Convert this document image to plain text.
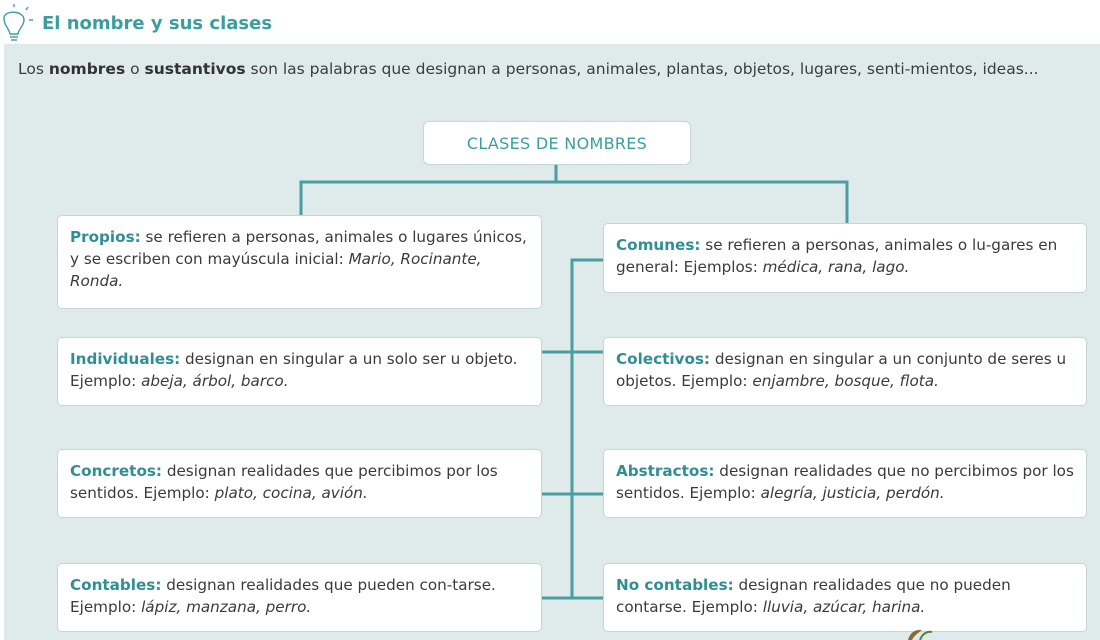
El nombre y sus clases

Los nombres o sustantivos son las palabras que designan a personas, animales, plantas, objetos, lugares, senti-mientos, ideas...

CLASES DE NOMBRES
Propios: se refieren a personas, animales o lugares únicos, y se escriben con mayúscula inicial: Mario, Rocinante, Ronda.
Comunes: se refieren a personas, animales o lu-gares en general: Ejemplos: médica, rana, lago.
Individuales: designan en singular a un solo ser u objeto. Ejemplo: abeja, árbol, barco.
Colectivos: designan en singular a un conjunto de seres u objetos. Ejemplo: enjambre, bosque, flota.
Concretos: designan realidades que percibimos por los sentidos. Ejemplo: plato, cocina, avión.
Abstractos: designan realidades que no percibimos por los sentidos. Ejemplo: alegría, justicia, perdón.
Contables: designan realidades que pueden con-tarse. Ejemplo: lápiz, manzana, perro.
No contables: designan realidades que no pueden contarse. Ejemplo: lluvia, azúcar, harina.
